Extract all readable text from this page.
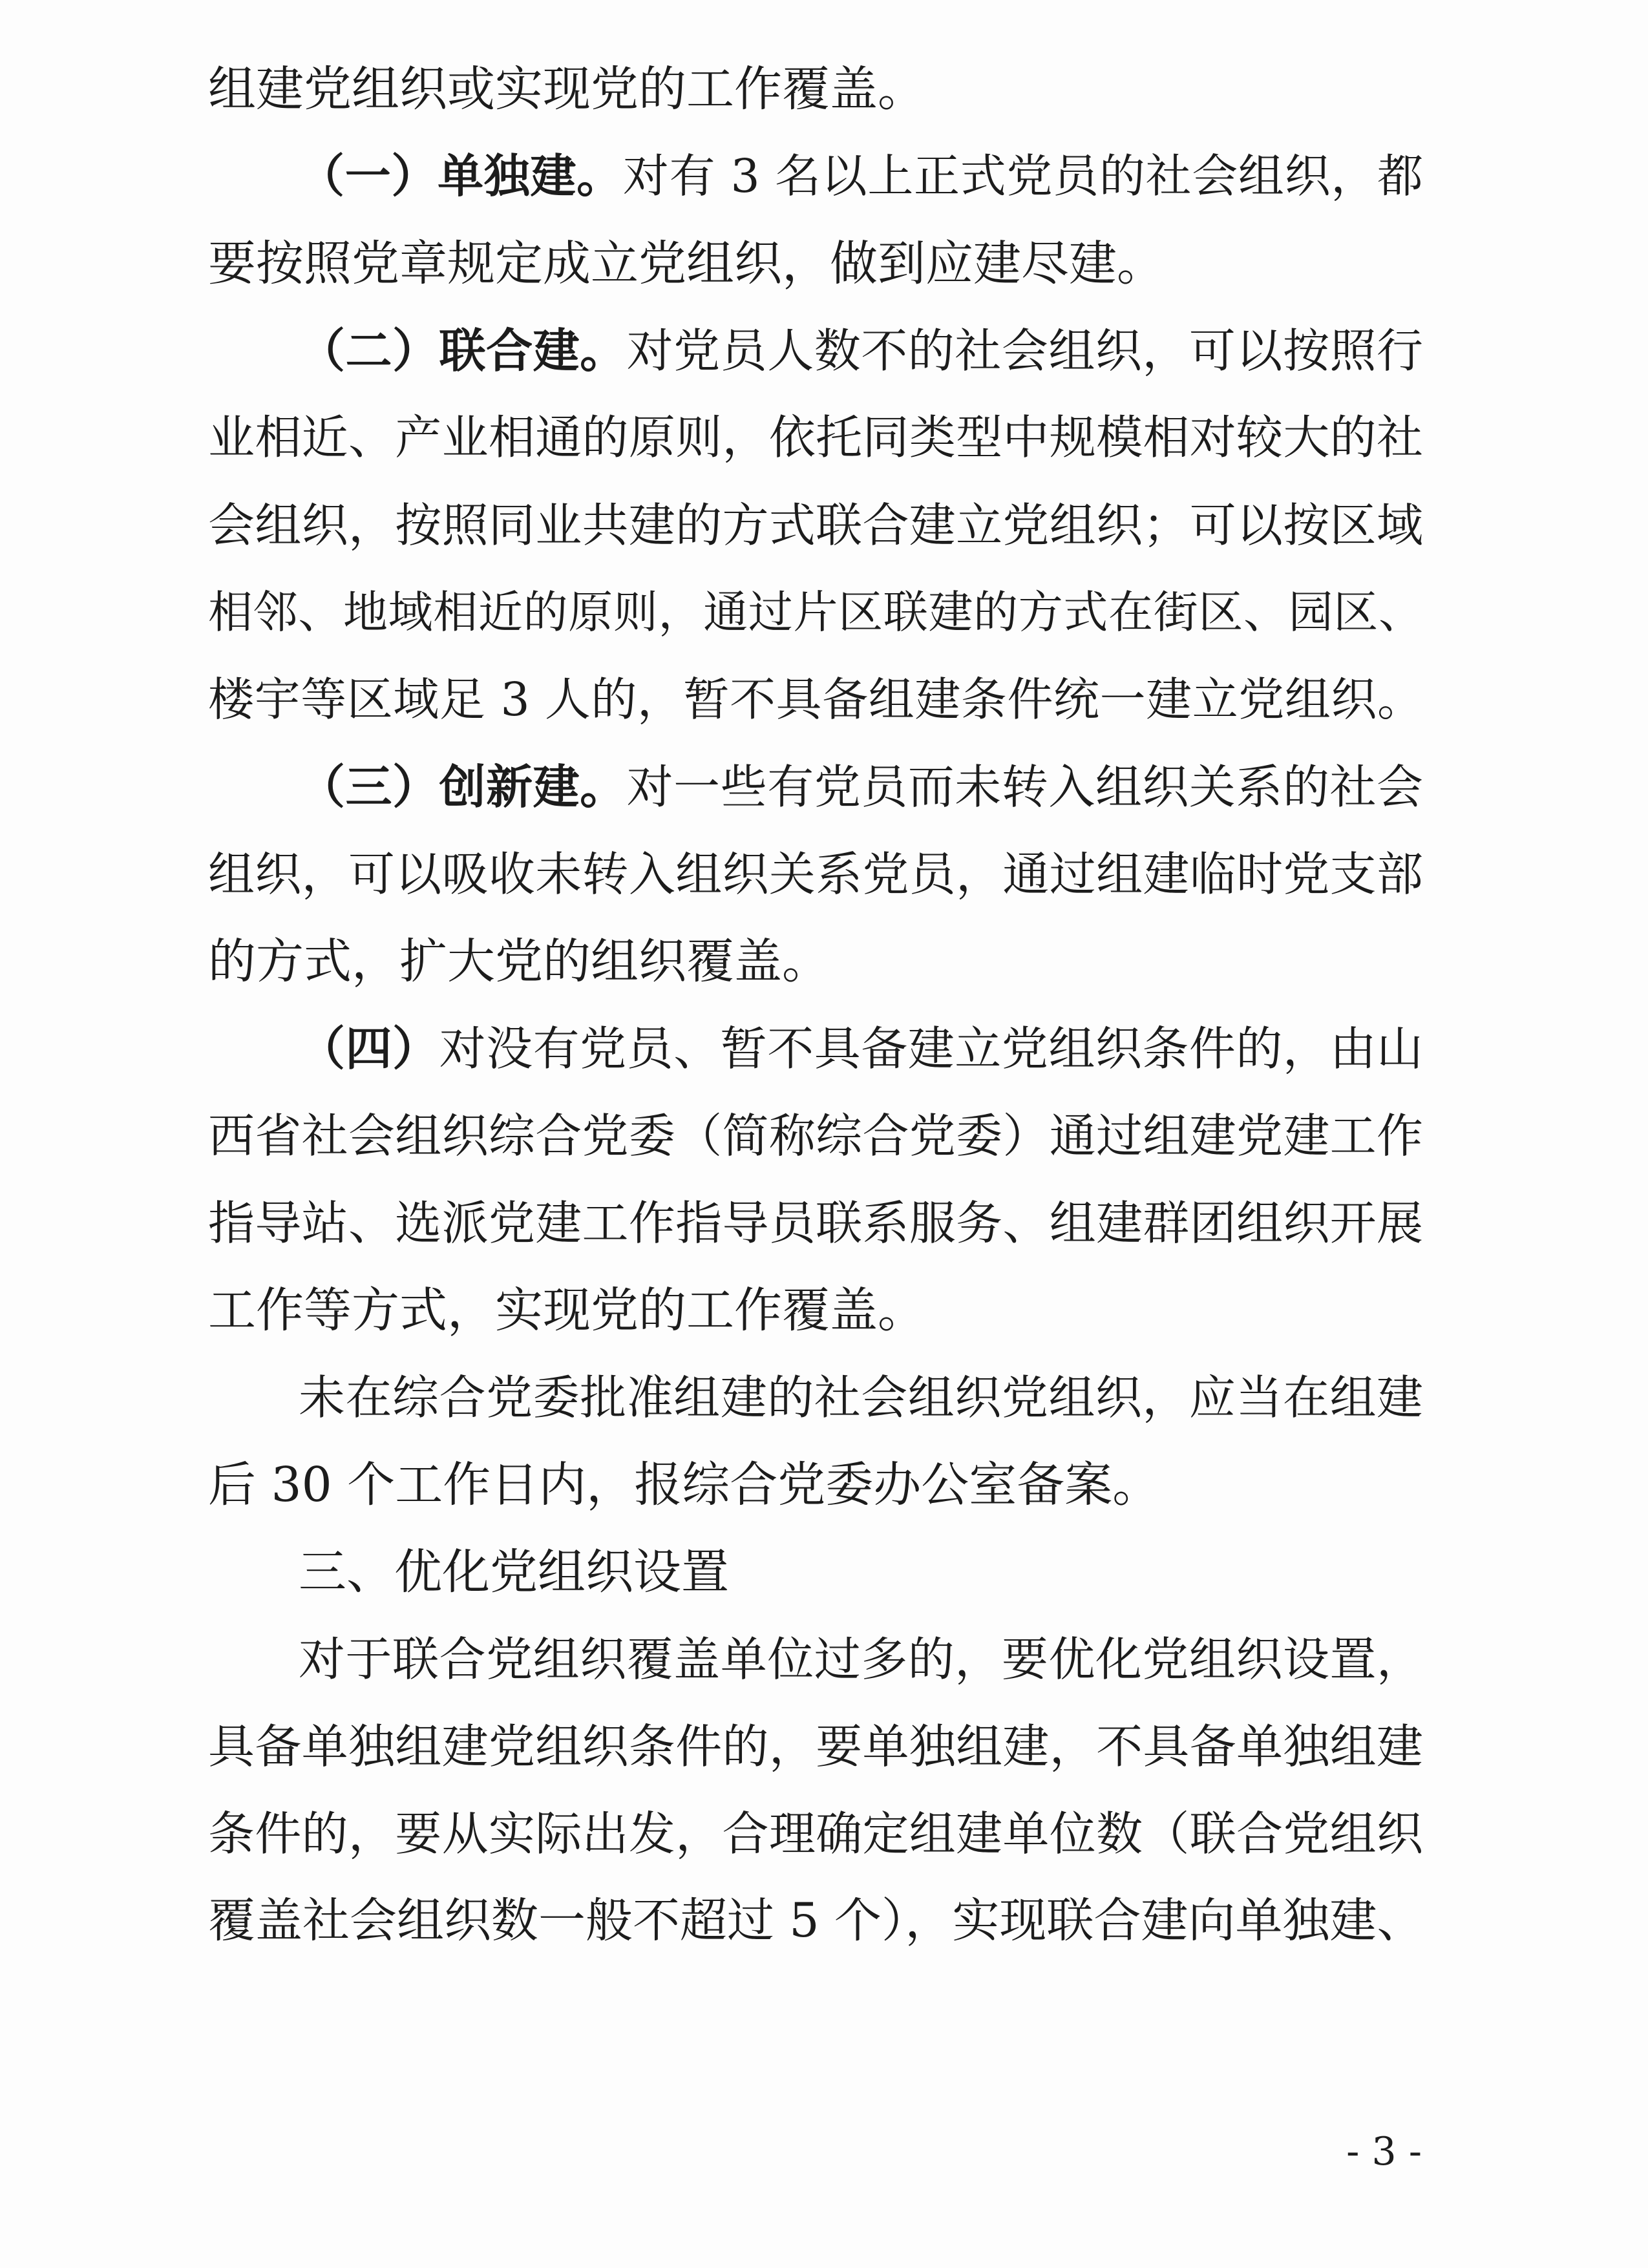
组建党组织或实现党的工作覆盖。
（一）单独建。对有 3 名以上正式党员的社会组织，都
要按照党章规定成立党组织，做到应建尽建。
（二）联合建。对党员人数不的社会组织，可以按照行
业相近、产业相通的原则，依托同类型中规模相对较大的社
会组织，按照同业共建的方式联合建立党组织；可以按区域
相邻、地域相近的原则，通过片区联建的方式在街区、园区、
楼宇等区域足 3 人的，暂不具备组建条件统一建立党组织。
（三）创新建。对一些有党员而未转入组织关系的社会
组织，可以吸收未转入组织关系党员，通过组建临时党支部
的方式，扩大党的组织覆盖。
（四）对没有党员、暂不具备建立党组织条件的，由山
西省社会组织综合党委（简称综合党委）通过组建党建工作
指导站、选派党建工作指导员联系服务、组建群团组织开展
工作等方式，实现党的工作覆盖。
未在综合党委批准组建的社会组织党组织，应当在组建
后 30 个工作日内，报综合党委办公室备案。
三、优化党组织设置
对于联合党组织覆盖单位过多的，要优化党组织设置，
具备单独组建党组织条件的，要单独组建，不具备单独组建
条件的，要从实际出发，合理确定组建单位数（联合党组织
覆盖社会组织数一般不超过 5 个），实现联合建向单独建、
- 3 -
